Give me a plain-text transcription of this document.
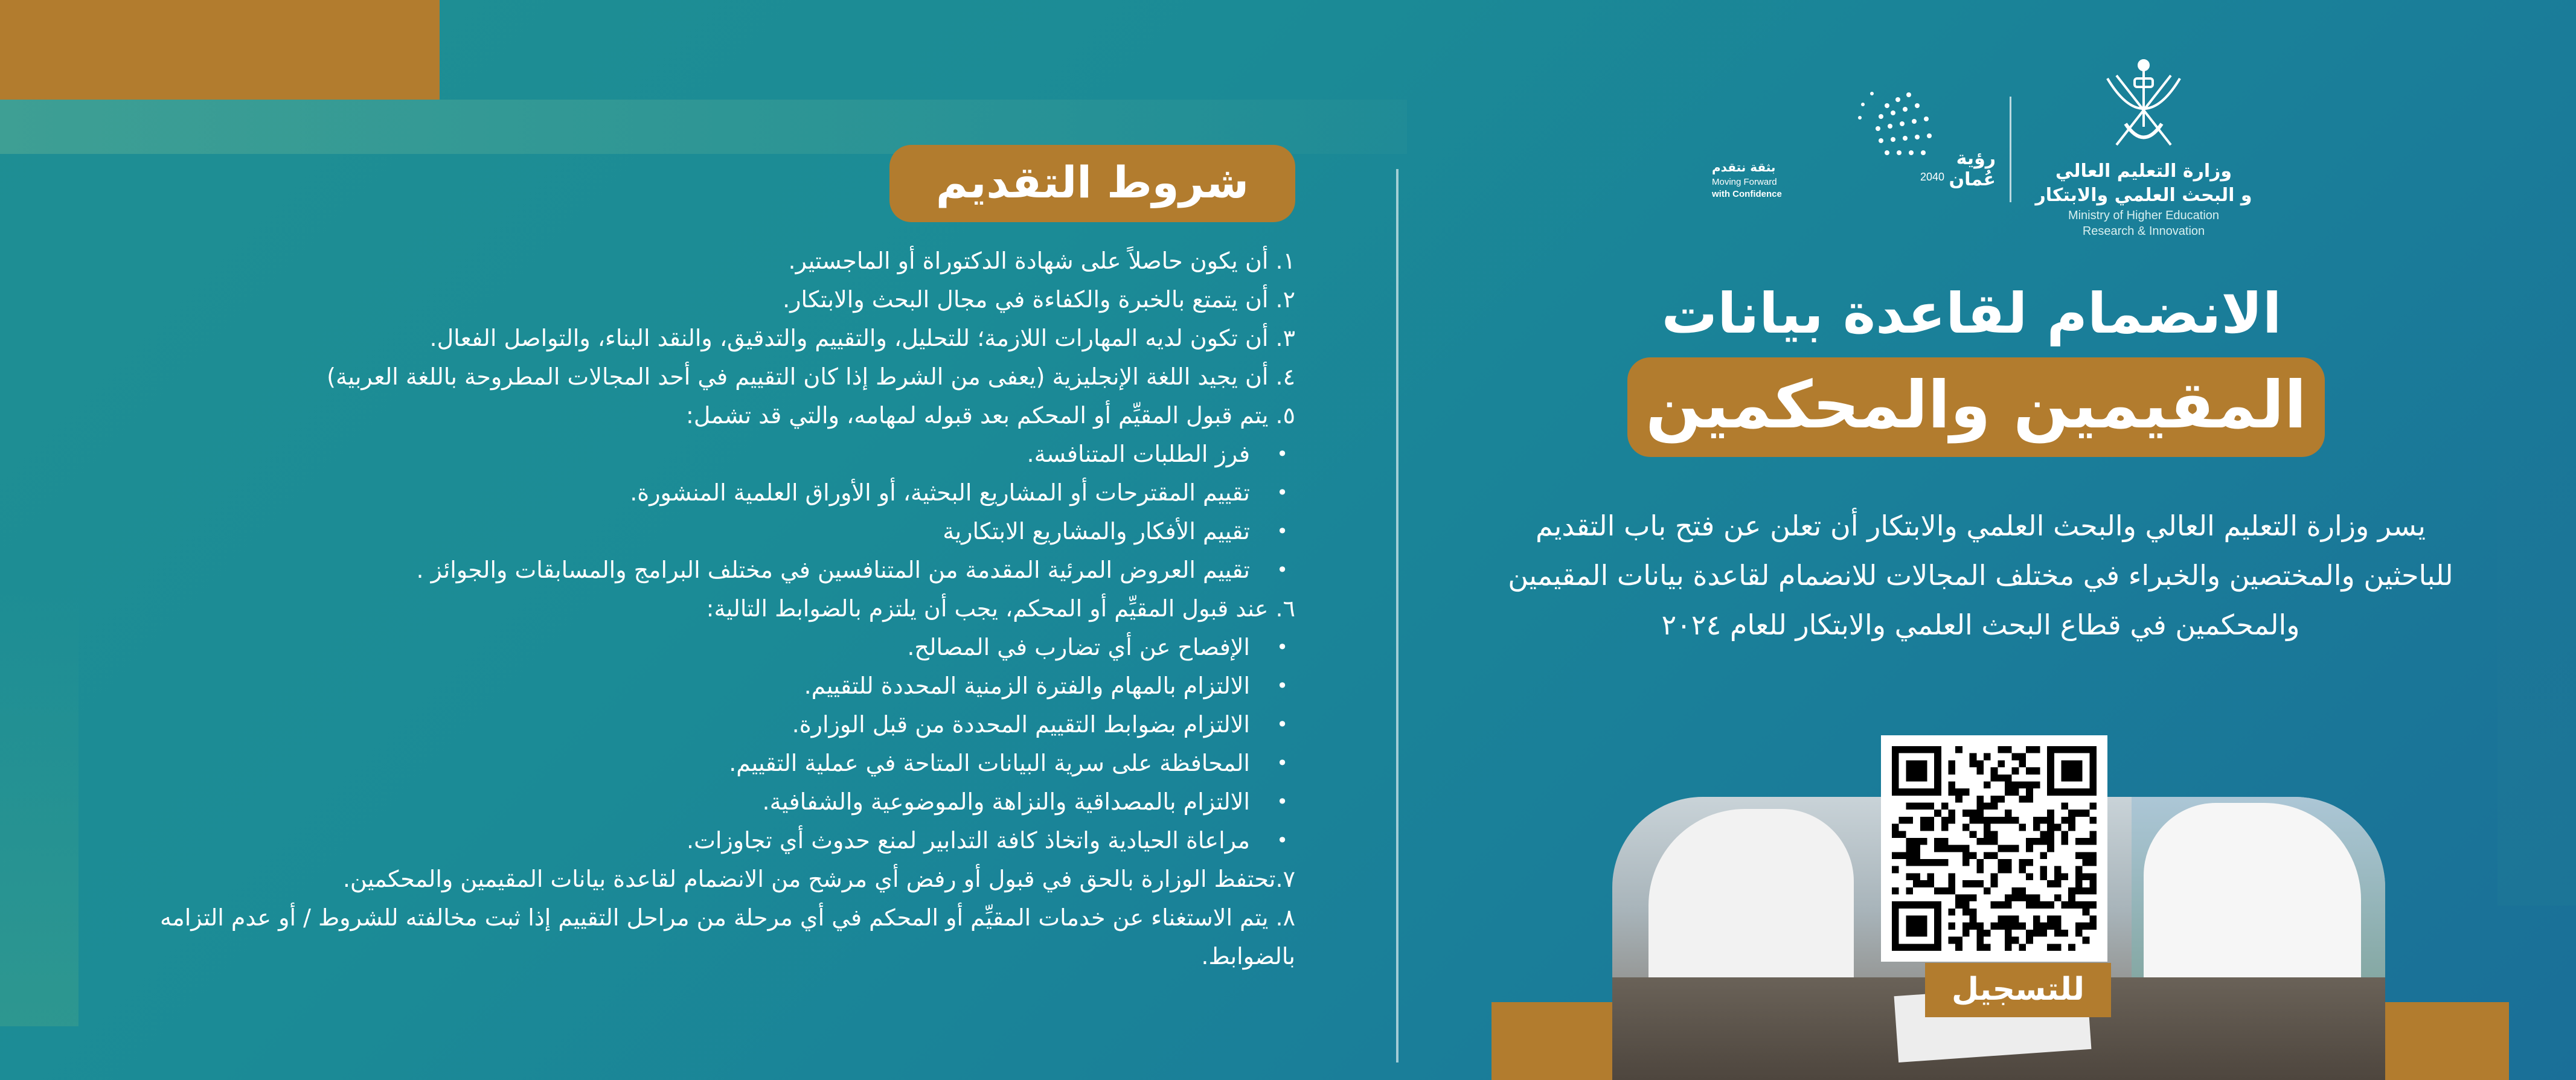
وزارة التعليم العالي
و البحث العلمي والابتكار
Ministry of Higher Education
Research & Innovation
رؤية عُمان
2040
بثقة نتقدم
Moving Forward
with Confidence
الانضمام لقاعدة بيانات
المقيمين والمحكمين
يسر وزارة التعليم العالي والبحث العلمي والابتكار أن تعلن عن فتح باب التقديم للباحثين والمختصين والخبراء في مختلف المجالات للانضمام لقاعدة بيانات المقيمين والمحكمين في قطاع البحث العلمي والابتكار للعام ٢٠٢٤
للتسجيل
شروط التقديم
١. أن يكون حاصلاً على شهادة الدكتوراة أو الماجستير.
٢. أن يتمتع بالخبرة والكفاءة في مجال البحث والابتكار.
٣. أن تكون لديه المهارات اللازمة؛ للتحليل، والتقييم والتدقيق، والنقد البناء، والتواصل الفعال.
٤. أن يجيد اللغة الإنجليزية (يعفى من الشرط إذا كان التقييم في أحد المجالات المطروحة باللغة العربية)
٥. يتم قبول المقيِّم أو المحكم بعد قبوله لمهامه، والتي قد تشمل:
• فرز الطلبات المتنافسة.
• تقييم المقترحات أو المشاريع البحثية، أو الأوراق العلمية المنشورة.
• تقييم الأفكار والمشاريع الابتكارية
• تقييم العروض المرئية المقدمة من المتنافسين في مختلف البرامج والمسابقات والجوائز .
٦. عند قبول المقيِّم أو المحكم، يجب أن يلتزم بالضوابط التالية:
• الإفصاح عن أي تضارب في المصالح.
• الالتزام بالمهام والفترة الزمنية المحددة للتقييم.
• الالتزام بضوابط التقييم المحددة من قبل الوزارة.
• المحافظة على سرية البيانات المتاحة في عملية التقييم.
• الالتزام بالمصداقية والنزاهة والموضوعية والشفافية.
• مراعاة الحيادية واتخاذ كافة التدابير لمنع حدوث أي تجاوزات.
٧.تحتفظ الوزارة بالحق في قبول أو رفض أي مرشح من الانضمام لقاعدة بيانات المقيمين والمحكمين.
٨. يتم الاستغناء عن خدمات المقيِّم أو المحكم في أي مرحلة من مراحل التقييم إذا ثبت مخالفته للشروط / أو عدم التزامه بالضوابط.
